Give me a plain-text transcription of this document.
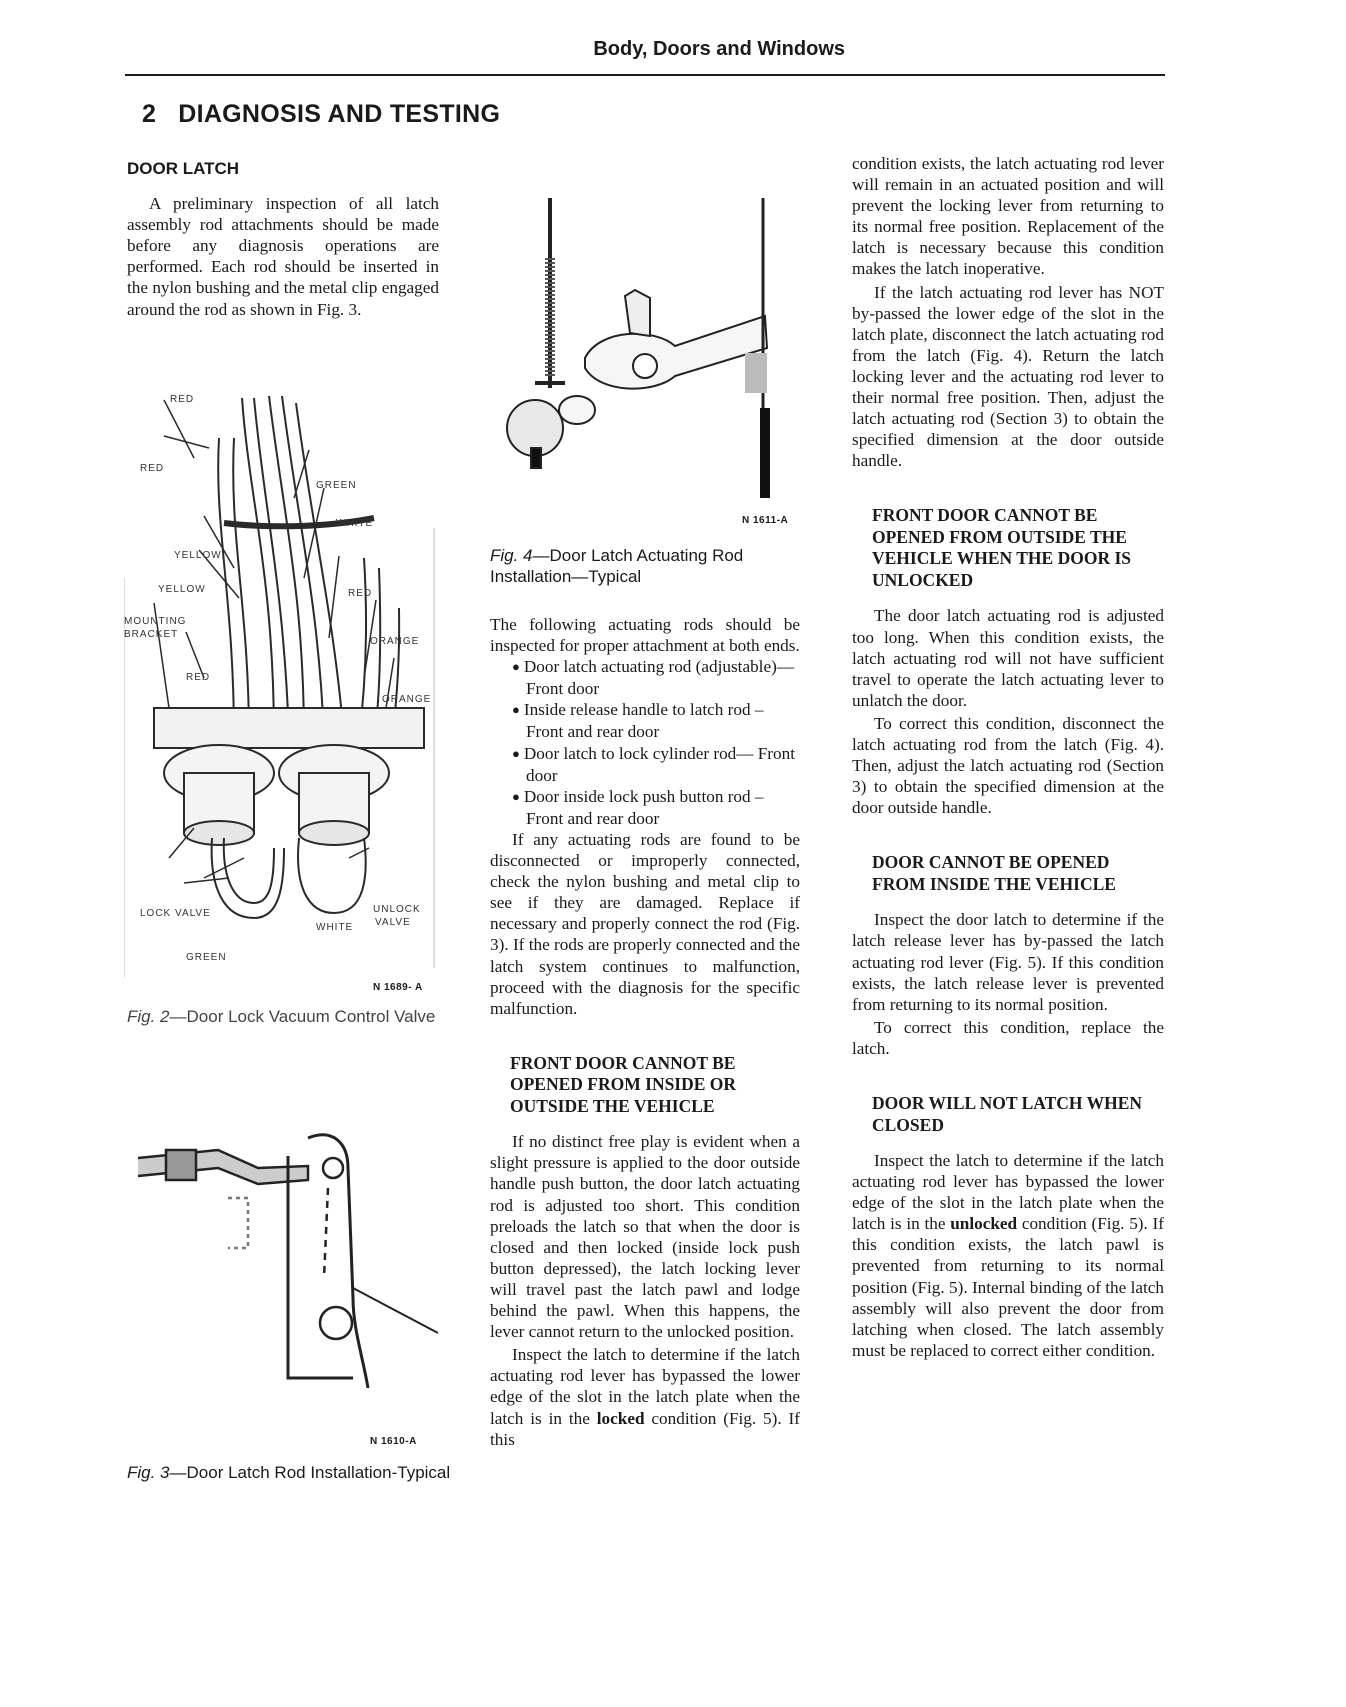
Body, Doors and Windows
2 DIAGNOSIS AND TESTING
DOOR LATCH

A preliminary inspection of all latch assembly rod attachments should be made before any diagnosis operations are performed. Each rod should be inserted in the nylon bushing and the metal clip engaged around the rod as shown in Fig. 3.

RED
RED
GREEN
WHITE
YELLOW
YELLOW	RED
MOUNTING
BRACKET
ORANGE
RED
ORANGE
LOCK VALVE	UNLOCK
VALVE
WHITE
GREEN
N 1689- A
Fig. 2—Door Lock Vacuum Control Valve
N 1610-A
Fig. 3—Door Latch Rod Installation-Typical
N 1611-A
Fig. 4—Door Latch Actuating Rod Installation—Typical

The following actuating rods should be inspected for proper attachment at both ends.

● Door latch actuating rod (adjustable)—Front door
● Inside release handle to latch rod – Front and rear door
● Door latch to lock cylinder rod— Front door
● Door inside lock push button rod – Front and rear door

If any actuating rods are found to be disconnected or improperly connected, check the nylon bushing and metal clip to see if they are damaged. Replace if necessary and properly connect the rod (Fig. 3). If the rods are properly connected and the latch system continues to malfunction, proceed with the diagnosis for the specific malfunction.

FRONT DOOR CANNOT BE OPENED FROM INSIDE OR OUTSIDE THE VEHICLE

If no distinct free play is evident when a slight pressure is applied to the door outside handle push button, the door latch actuating rod is adjusted too short. This condition preloads the latch so that when the door is closed and then locked (inside lock push button depressed), the latch locking lever will travel past the latch pawl and lodge behind the pawl. When this happens, the lever cannot return to the unlocked position.

Inspect the latch to determine if the latch actuating rod lever has bypassed the lower edge of the slot in the latch plate when the latch is in the locked condition (Fig. 5). If this

condition exists, the latch actuating rod lever will remain in an actuated position and will prevent the locking lever from returning to its normal free position. Replacement of the latch is necessary because this condition makes the latch inoperative.

If the latch actuating rod lever has NOT by-passed the lower edge of the slot in the latch plate, disconnect the latch actuating rod from the latch (Fig. 4). Return the latch locking lever and the actuating rod lever to their normal free position. Then, adjust the latch actuating rod (Section 3) to obtain the specified dimension at the door outside handle.

FRONT DOOR CANNOT BE OPENED FROM OUTSIDE THE VEHICLE WHEN THE DOOR IS UNLOCKED

The door latch actuating rod is adjusted too long. When this condition exists, the latch actuating rod will not have sufficient travel to operate the latch actuating lever to unlatch the door.

To correct this condition, disconnect the latch actuating rod from the latch (Fig. 4). Then, adjust the latch actuating rod (Section 3) to obtain the specified dimension at the door outside handle.

DOOR CANNOT BE OPENED FROM INSIDE THE VEHICLE

Inspect the door latch to determine if the latch release lever has by-passed the latch actuating rod lever (Fig. 5). If this condition exists, the latch release lever is prevented from returning to its normal position.

To correct this condition, replace the latch.

DOOR WILL NOT LATCH WHEN CLOSED

Inspect the latch to determine if the latch actuating rod lever has bypassed the lower edge of the slot in the latch plate when the latch is in the unlocked condition (Fig. 5). If this condition exists, the latch pawl is prevented from returning to its normal position (Fig. 5). Internal binding of the latch assembly will also prevent the door from latching when closed. The latch assembly must be replaced to correct either condition.
